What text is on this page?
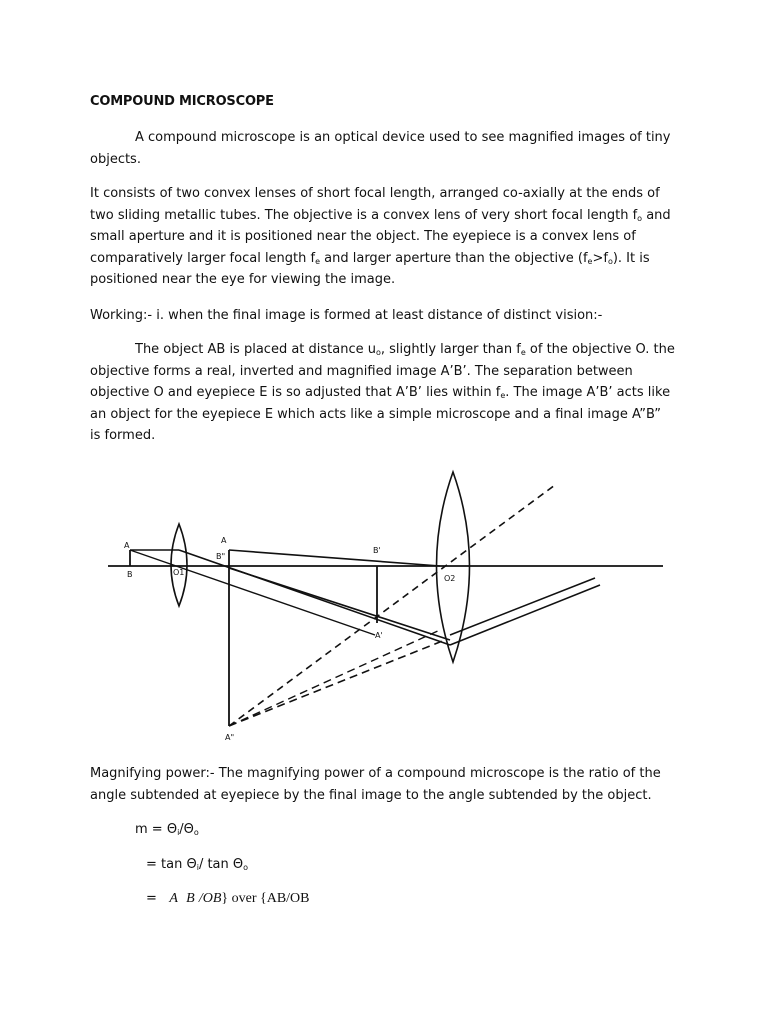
COMPOUND MICROSCOPE

A compound microscope is an optical device used to see magnified images of tiny objects.

It consists of two convex lenses of short focal length, arranged co-axially at the ends of two sliding metallic tubes. The objective is a convex lens of very short focal length $f_o$ and small aperture and it is positioned near the object. The eyepiece is a convex lens of comparatively larger focal length $f_e$ and larger aperture than the objective $(f_e>f_o)$. It is positioned near the eye for viewing the image.

Working:- i. when the final image is formed at least distance of distinct vision:-

The object AB is placed at distance $u_o$, slightly larger than $f_e$ of the objective O. the objective forms a real, inverted and magnified image A’B’. The separation between objective O and eyepiece E is so adjusted that A’B’ lies within $f_e$. The image A’B’ acts like an object for the eyepiece E which acts like a simple microscope and a final image A”B” is formed.

A
B	O1
A
B"
B'
A'
O2
A"

Magnifying power:- The magnifying power of a compound microscope is the ratio of the angle subtended at eyepiece by the final image to the angle subtended by the object.

$m = \Theta_i/\Theta_o$

= $\tan \Theta_i/$ $\tan \Theta_o$

= A B /OB} over {AB/OB
